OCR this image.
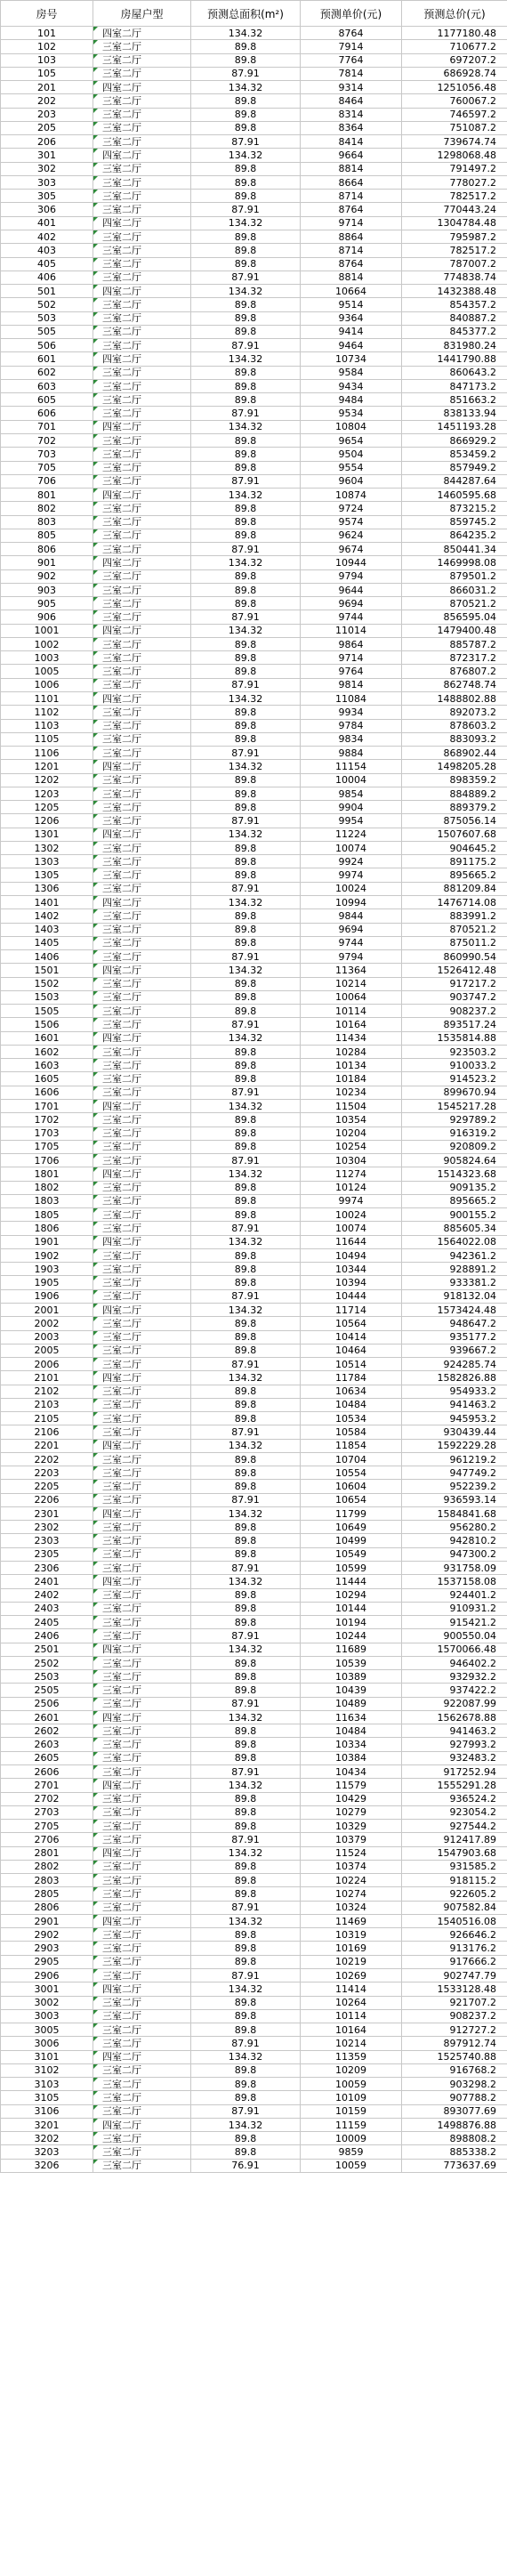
房号	房屋户型	预测总面积(m²)	预测单价(元)	预测总价(元)
101	四室二厅	134.32	8764	1177180.48
102	三室二厅	89.8	7914	710677.2
103	三室二厅	89.8	7764	697207.2
105	三室二厅	87.91	7814	686928.74
201	四室二厅	134.32	9314	1251056.48
202	三室二厅	89.8	8464	760067.2
203	三室二厅	89.8	8314	746597.2
205	三室二厅	89.8	8364	751087.2
206	三室二厅	87.91	8414	739674.74
301	四室二厅	134.32	9664	1298068.48
302	三室二厅	89.8	8814	791497.2
303	三室二厅	89.8	8664	778027.2
305	三室二厅	89.8	8714	782517.2
306	三室二厅	87.91	8764	770443.24
401	四室二厅	134.32	9714	1304784.48
402	三室二厅	89.8	8864	795987.2
403	三室二厅	89.8	8714	782517.2
405	三室二厅	89.8	8764	787007.2
406	三室二厅	87.91	8814	774838.74
501	四室二厅	134.32	10664	1432388.48
502	三室二厅	89.8	9514	854357.2
503	三室二厅	89.8	9364	840887.2
505	三室二厅	89.8	9414	845377.2
506	三室二厅	87.91	9464	831980.24
601	四室二厅	134.32	10734	1441790.88
602	三室二厅	89.8	9584	860643.2
603	三室二厅	89.8	9434	847173.2
605	三室二厅	89.8	9484	851663.2
606	三室二厅	87.91	9534	838133.94
701	四室二厅	134.32	10804	1451193.28
702	三室二厅	89.8	9654	866929.2
703	三室二厅	89.8	9504	853459.2
705	三室二厅	89.8	9554	857949.2
706	三室二厅	87.91	9604	844287.64
801	四室二厅	134.32	10874	1460595.68
802	三室二厅	89.8	9724	873215.2
803	三室二厅	89.8	9574	859745.2
805	三室二厅	89.8	9624	864235.2
806	三室二厅	87.91	9674	850441.34
901	四室二厅	134.32	10944	1469998.08
902	三室二厅	89.8	9794	879501.2
903	三室二厅	89.8	9644	866031.2
905	三室二厅	89.8	9694	870521.2
906	三室二厅	87.91	9744	856595.04
1001	四室二厅	134.32	11014	1479400.48
1002	三室二厅	89.8	9864	885787.2
1003	三室二厅	89.8	9714	872317.2
1005	三室二厅	89.8	9764	876807.2
1006	三室二厅	87.91	9814	862748.74
1101	四室二厅	134.32	11084	1488802.88
1102	三室二厅	89.8	9934	892073.2
1103	三室二厅	89.8	9784	878603.2
1105	三室二厅	89.8	9834	883093.2
1106	三室二厅	87.91	9884	868902.44
1201	四室二厅	134.32	11154	1498205.28
1202	三室二厅	89.8	10004	898359.2
1203	三室二厅	89.8	9854	884889.2
1205	三室二厅	89.8	9904	889379.2
1206	三室二厅	87.91	9954	875056.14
1301	四室二厅	134.32	11224	1507607.68
1302	三室二厅	89.8	10074	904645.2
1303	三室二厅	89.8	9924	891175.2
1305	三室二厅	89.8	9974	895665.2
1306	三室二厅	87.91	10024	881209.84
1401	四室二厅	134.32	10994	1476714.08
1402	三室二厅	89.8	9844	883991.2
1403	三室二厅	89.8	9694	870521.2
1405	三室二厅	89.8	9744	875011.2
1406	三室二厅	87.91	9794	860990.54
1501	四室二厅	134.32	11364	1526412.48
1502	三室二厅	89.8	10214	917217.2
1503	三室二厅	89.8	10064	903747.2
1505	三室二厅	89.8	10114	908237.2
1506	三室二厅	87.91	10164	893517.24
1601	四室二厅	134.32	11434	1535814.88
1602	三室二厅	89.8	10284	923503.2
1603	三室二厅	89.8	10134	910033.2
1605	三室二厅	89.8	10184	914523.2
1606	三室二厅	87.91	10234	899670.94
1701	四室二厅	134.32	11504	1545217.28
1702	三室二厅	89.8	10354	929789.2
1703	三室二厅	89.8	10204	916319.2
1705	三室二厅	89.8	10254	920809.2
1706	三室二厅	87.91	10304	905824.64
1801	四室二厅	134.32	11274	1514323.68
1802	三室二厅	89.8	10124	909135.2
1803	三室二厅	89.8	9974	895665.2
1805	三室二厅	89.8	10024	900155.2
1806	三室二厅	87.91	10074	885605.34
1901	四室二厅	134.32	11644	1564022.08
1902	三室二厅	89.8	10494	942361.2
1903	三室二厅	89.8	10344	928891.2
1905	三室二厅	89.8	10394	933381.2
1906	三室二厅	87.91	10444	918132.04
2001	四室二厅	134.32	11714	1573424.48
2002	三室二厅	89.8	10564	948647.2
2003	三室二厅	89.8	10414	935177.2
2005	三室二厅	89.8	10464	939667.2
2006	三室二厅	87.91	10514	924285.74
2101	四室二厅	134.32	11784	1582826.88
2102	三室二厅	89.8	10634	954933.2
2103	三室二厅	89.8	10484	941463.2
2105	三室二厅	89.8	10534	945953.2
2106	三室二厅	87.91	10584	930439.44
2201	四室二厅	134.32	11854	1592229.28
2202	三室二厅	89.8	10704	961219.2
2203	三室二厅	89.8	10554	947749.2
2205	三室二厅	89.8	10604	952239.2
2206	三室二厅	87.91	10654	936593.14
2301	四室二厅	134.32	11799	1584841.68
2302	三室二厅	89.8	10649	956280.2
2303	三室二厅	89.8	10499	942810.2
2305	三室二厅	89.8	10549	947300.2
2306	三室二厅	87.91	10599	931758.09
2401	四室二厅	134.32	11444	1537158.08
2402	三室二厅	89.8	10294	924401.2
2403	三室二厅	89.8	10144	910931.2
2405	三室二厅	89.8	10194	915421.2
2406	三室二厅	87.91	10244	900550.04
2501	四室二厅	134.32	11689	1570066.48
2502	三室二厅	89.8	10539	946402.2
2503	三室二厅	89.8	10389	932932.2
2505	三室二厅	89.8	10439	937422.2
2506	三室二厅	87.91	10489	922087.99
2601	四室二厅	134.32	11634	1562678.88
2602	三室二厅	89.8	10484	941463.2
2603	三室二厅	89.8	10334	927993.2
2605	三室二厅	89.8	10384	932483.2
2606	三室二厅	87.91	10434	917252.94
2701	四室二厅	134.32	11579	1555291.28
2702	三室二厅	89.8	10429	936524.2
2703	三室二厅	89.8	10279	923054.2
2705	三室二厅	89.8	10329	927544.2
2706	三室二厅	87.91	10379	912417.89
2801	四室二厅	134.32	11524	1547903.68
2802	三室二厅	89.8	10374	931585.2
2803	三室二厅	89.8	10224	918115.2
2805	三室二厅	89.8	10274	922605.2
2806	三室二厅	87.91	10324	907582.84
2901	四室二厅	134.32	11469	1540516.08
2902	三室二厅	89.8	10319	926646.2
2903	三室二厅	89.8	10169	913176.2
2905	三室二厅	89.8	10219	917666.2
2906	三室二厅	87.91	10269	902747.79
3001	四室二厅	134.32	11414	1533128.48
3002	三室二厅	89.8	10264	921707.2
3003	三室二厅	89.8	10114	908237.2
3005	三室二厅	89.8	10164	912727.2
3006	三室二厅	87.91	10214	897912.74
3101	四室二厅	134.32	11359	1525740.88
3102	三室二厅	89.8	10209	916768.2
3103	三室二厅	89.8	10059	903298.2
3105	三室二厅	89.8	10109	907788.2
3106	三室二厅	87.91	10159	893077.69
3201	四室二厅	134.32	11159	1498876.88
3202	三室二厅	89.8	10009	898808.2
3203	三室二厅	89.8	9859	885338.2
3206	三室二厅	76.91	10059	773637.69
